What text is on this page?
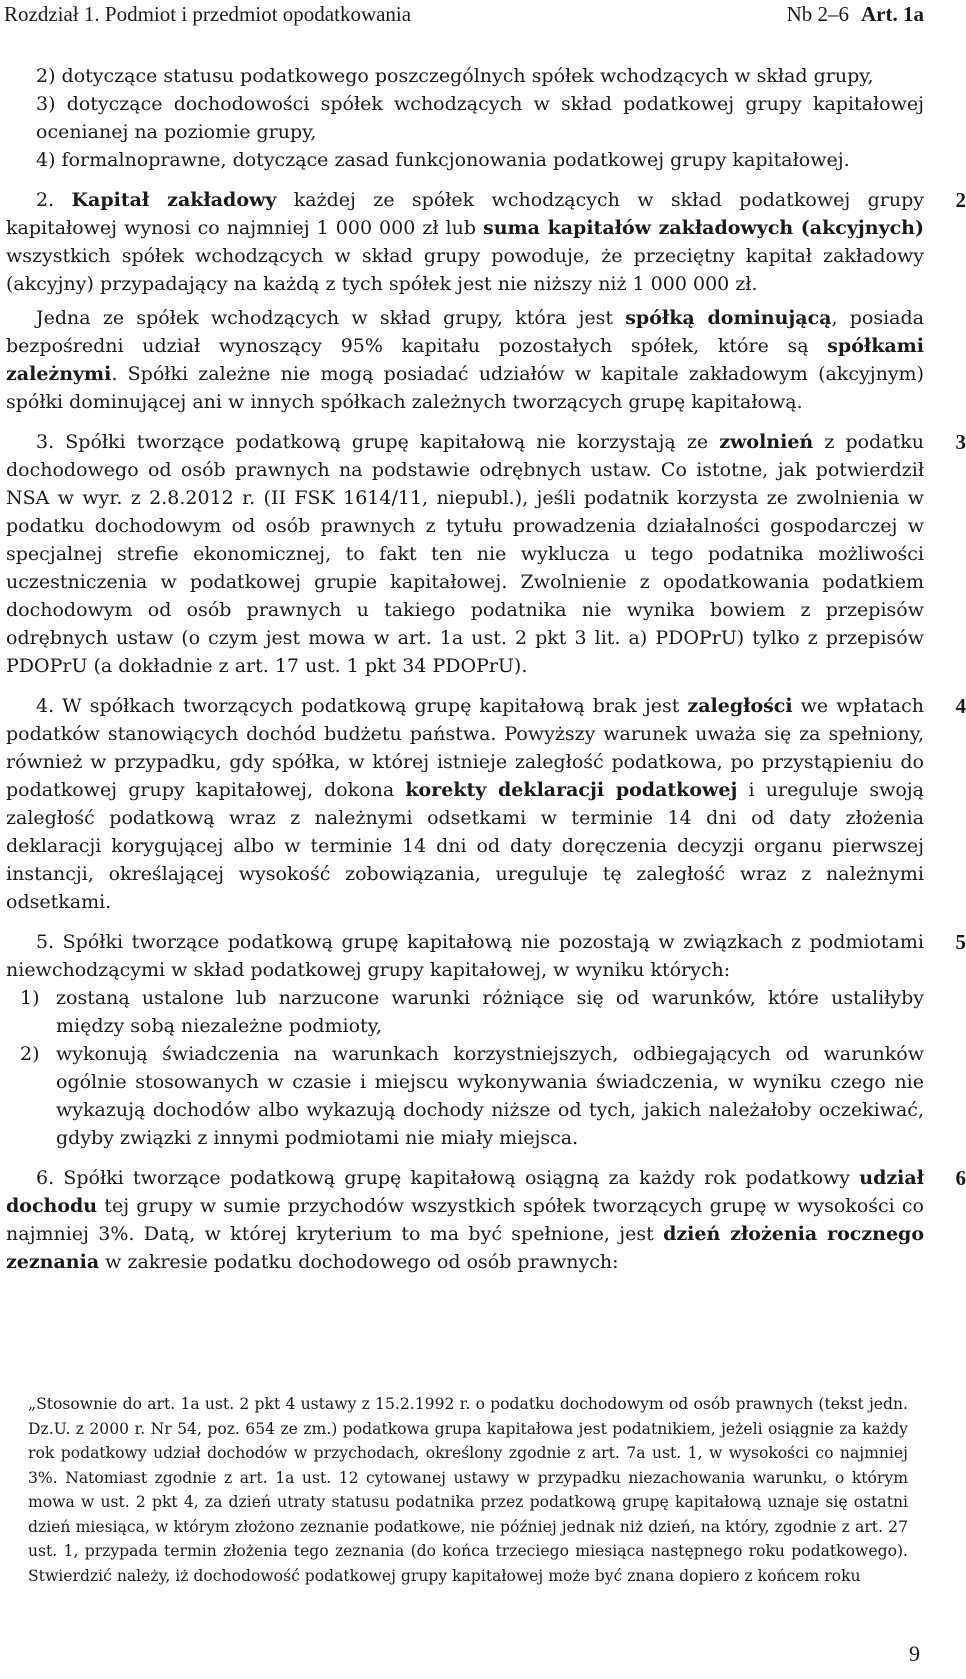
Rozdział 1. Podmiot i przedmiot opodatkowania	Nb 2–6 Art. 1a

2) dotyczące statusu podatkowego poszczególnych spółek wchodzących w skład grupy,

3) dotyczące dochodowości spółek wchodzących w skład podatkowej grupy kapitałowej ocenianej na poziomie grupy,

4) formalnoprawne, dotyczące zasad funkcjonowania podatkowej grupy kapitałowej.

2
2. Kapitał zakładowy każdej ze spółek wchodzących w skład podatkowej grupy kapitałowej wynosi co najmniej 1 000 000 zł lub suma kapitałów zakładowych (akcyjnych) wszystkich spółek wchodzących w skład grupy powoduje, że przeciętny kapitał zakładowy (akcyjny) przypadający na każdą z tych spółek jest nie niższy niż 1 000 000 zł.

Jedna ze spółek wchodzących w skład grupy, która jest spółką dominującą, posiada bezpośredni udział wynoszący 95% kapitału pozostałych spółek, które są spółkami zależnymi. Spółki zależne nie mogą posiadać udziałów w kapitale zakładowym (akcyjnym) spółki dominującej ani w innych spółkach zależnych tworzących grupę kapitałową.

3
3. Spółki tworzące podatkową grupę kapitałową nie korzystają ze zwolnień z podatku dochodowego od osób prawnych na podstawie odrębnych ustaw. Co istotne, jak potwierdził NSA w wyr. z 2.8.2012 r. (II FSK 1614/11, niepubl.), jeśli podatnik korzysta ze zwolnienia w podatku dochodowym od osób prawnych z tytułu prowadzenia działalności gospodarczej w specjalnej strefie ekonomicznej, to fakt ten nie wyklucza u tego podatnika możliwości uczestniczenia w podatkowej grupie kapitałowej. Zwolnienie z opodatkowania podatkiem dochodowym od osób prawnych u takiego podatnika nie wynika bowiem z przepisów odrębnych ustaw (o czym jest mowa w art. 1a ust. 2 pkt 3 lit. a) PDOPrU) tylko z przepisów PDOPrU (a dokładnie z art. 17 ust. 1 pkt 34 PDOPrU).

4
4. W spółkach tworzących podatkową grupę kapitałową brak jest zaległości we wpłatach podatków stanowiących dochód budżetu państwa. Powyższy warunek uważa się za spełniony, również w przypadku, gdy spółka, w której istnieje zaległość podatkowa, po przystąpieniu do podatkowej grupy kapitałowej, dokona korekty deklaracji podatkowej i ureguluje swoją zaległość podatkową wraz z należnymi odsetkami w terminie 14 dni od daty złożenia deklaracji korygującej albo w terminie 14 dni od daty doręczenia decyzji organu pierwszej instancji, określającej wysokość zobowiązania, ureguluje tę zaległość wraz z należnymi odsetkami.

5
5. Spółki tworzące podatkową grupę kapitałową nie pozostają w związkach z podmiotami niewchodzącymi w skład podatkowej grupy kapitałowej, w wyniku których:

1) zostaną ustalone lub narzucone warunki różniące się od warunków, które ustaliłyby między sobą niezależne podmioty,

2) wykonują świadczenia na warunkach korzystniejszych, odbiegających od warunków ogólnie stosowanych w czasie i miejscu wykonywania świadczenia, w wyniku czego nie wykazują dochodów albo wykazują dochody niższe od tych, jakich należałoby oczekiwać, gdyby związki z innymi podmiotami nie miały miejsca.

6
6. Spółki tworzące podatkową grupę kapitałową osiągną za każdy rok podatkowy udział dochodu tej grupy w sumie przychodów wszystkich spółek tworzących grupę w wysokości co najmniej 3%. Datą, w której kryterium to ma być spełnione, jest dzień złożenia rocznego zeznania w zakresie podatku dochodowego od osób prawnych:

„Stosownie do art. 1a ust. 2 pkt 4 ustawy z 15.2.1992 r. o podatku dochodowym od osób prawnych (tekst jedn. Dz.U. z 2000 r. Nr 54, poz. 654 ze zm.) podatkowa grupa kapitałowa jest podatnikiem, jeżeli osiągnie za każdy rok podatkowy udział dochodów w przychodach, określony zgodnie z art. 7a ust. 1, w wysokości co najmniej 3%. Natomiast zgodnie z art. 1a ust. 12 cytowanej ustawy w przypadku niezachowania warunku, o którym mowa w ust. 2 pkt 4, za dzień utraty statusu podatnika przez podatkową grupę kapitałową uznaje się ostatni dzień miesiąca, w którym złożono zeznanie podatkowe, nie później jednak niż dzień, na który, zgodnie z art. 27 ust. 1, przypada termin złożenia tego zeznania (do końca trzeciego miesiąca następnego roku podatkowego). Stwierdzić należy, iż dochodowość podatkowej grupy kapitałowej może być znana dopiero z końcem roku

9
